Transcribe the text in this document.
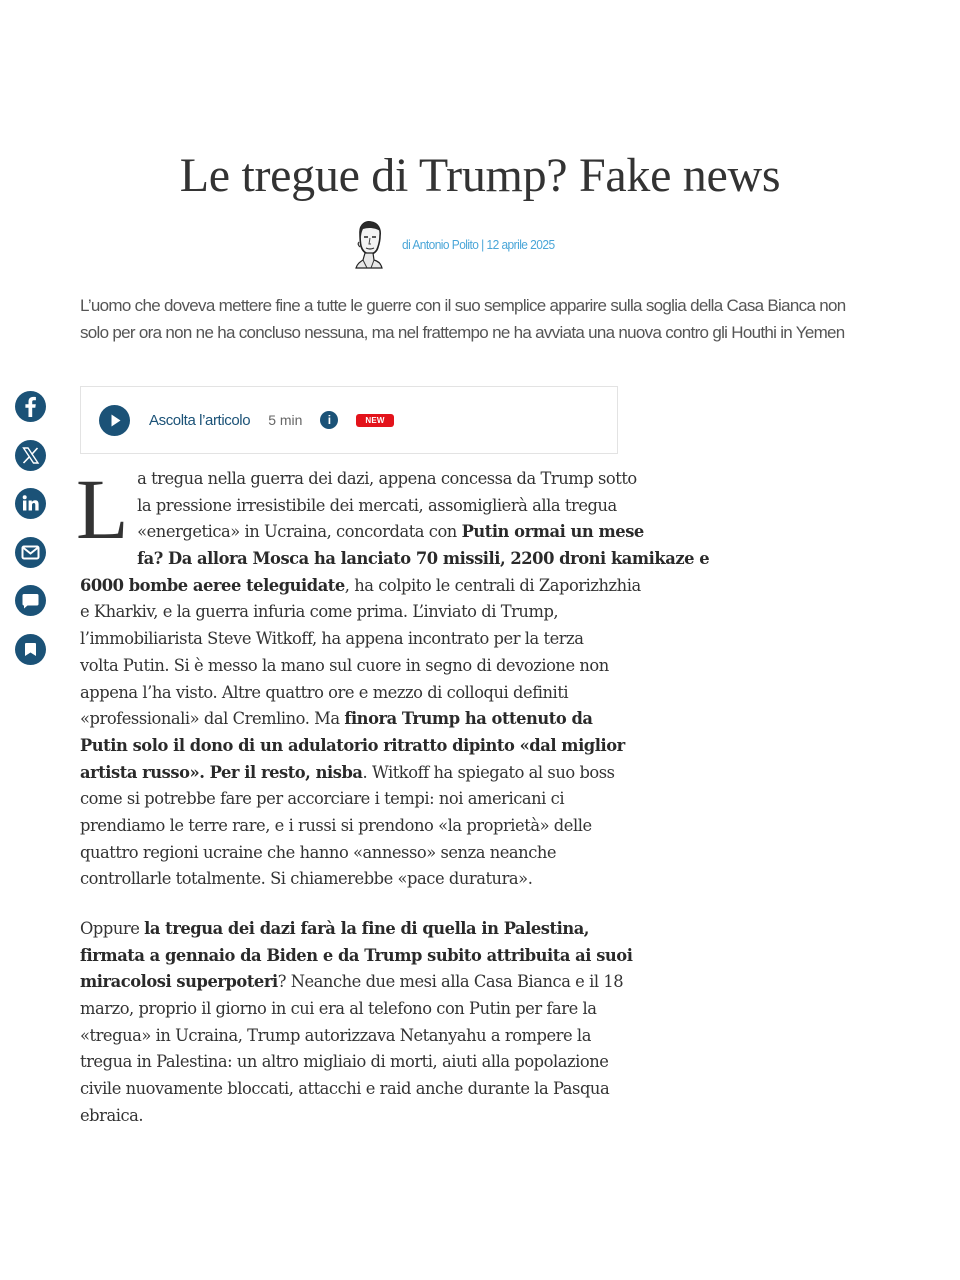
Le tregue di Trump? Fake news
di Antonio Polito | 12 aprile 2025

L’uomo che doveva mettere fine a tutte le guerre con il suo semplice apparire sulla soglia della Casa Bianca non
solo per ora non ne ha concluso nessuna, ma nel frattempo ne ha avviata una nuova contro gli Houthi in Yemen

Ascolta l’articolo 5 min	i	NEW

L a tregua nella guerra dei dazi, appena concessa da Trump sotto
la pressione irresistibile dei mercati, assomiglierà alla tregua
«energetica» in Ucraina, concordata con Putin ormai un mese
fa? Da allora Mosca ha lanciato 70 missili, 2200 droni kamikaze e
6000 bombe aeree teleguidate, ha colpito le centrali di Zaporizhzhia
e Kharkiv, e la guerra infuria come prima. L’inviato di Trump,
l’immobiliarista Steve Witkoff, ha appena incontrato per la terza
volta Putin. Si è messo la mano sul cuore in segno di devozione non
appena l’ha visto. Altre quattro ore e mezzo di colloqui definiti
«professionali» dal Cremlino. Ma finora Trump ha ottenuto da
Putin solo il dono di un adulatorio ritratto dipinto «dal miglior
artista russo». Per il resto, nisba. Witkoff ha spiegato al suo boss
come si potrebbe fare per accorciare i tempi: noi americani ci
prendiamo le terre rare, e i russi si prendono «la proprietà» delle
quattro regioni ucraine che hanno «annesso» senza neanche
controllarle totalmente. Si chiamerebbe «pace duratura».

Oppure la tregua dei dazi farà la fine di quella in Palestina,
firmata a gennaio da Biden e da Trump subito attribuita ai suoi
miracolosi superpoteri? Neanche due mesi alla Casa Bianca e il 18
marzo, proprio il giorno in cui era al telefono con Putin per fare la
«tregua» in Ucraina, Trump autorizzava Netanyahu a rompere la
tregua in Palestina: un altro migliaio di morti, aiuti alla popolazione
civile nuovamente bloccati, attacchi e raid anche durante la Pasqua
ebraica.
